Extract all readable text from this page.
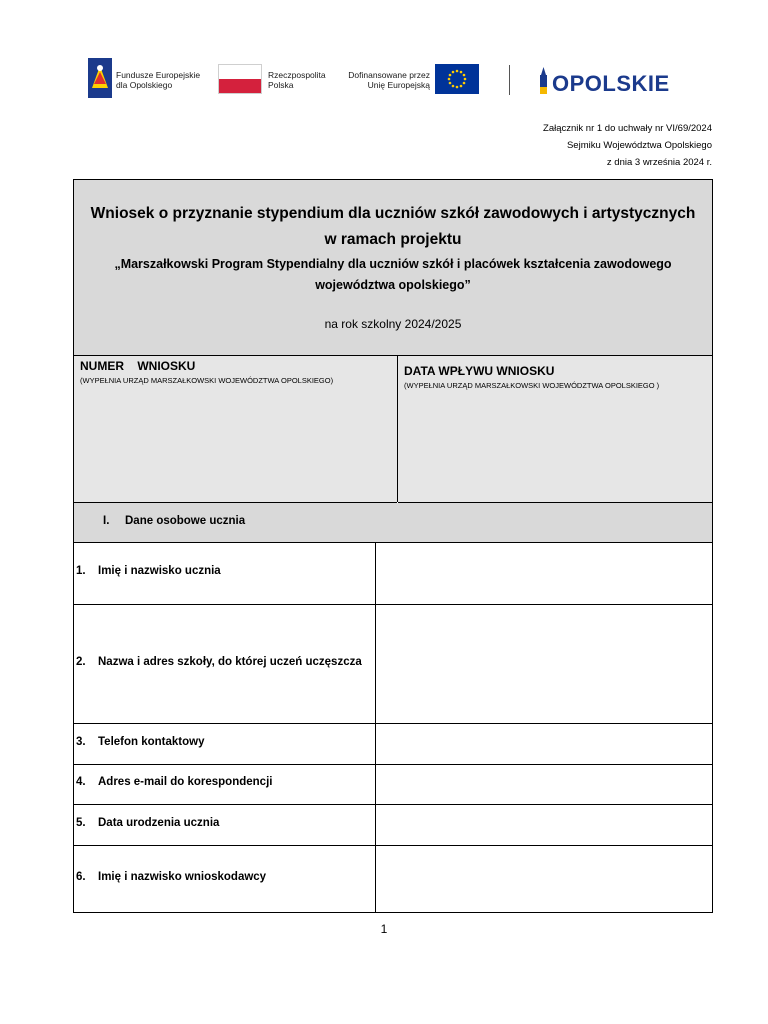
Fundusze Europejskie
dla Opolskiego
Rzeczpospolita
Polska
Dofinansowane przez
Unię Europejską	OPOLSKIE
Załącznik nr 1 do uchwały nr VI/69/2024
Sejmiku Województwa Opolskiego
z dnia 3 września 2024 r.
Wniosek o przyznanie stypendium dla uczniów szkół zawodowych i artystycznych
w ramach projektu
„Marszałkowski Program Stypendialny dla uczniów szkół i placówek kształcenia zawodowego
województwa opolskiego”
na rok szkolny 2024/2025
NUMER    WNIOSKU
(WYPEŁNIA URZĄD MARSZAŁKOWSKI WOJEWÓDZTWA OPOLSKIEGO)
DATA WPŁYWU WNIOSKU
(WYPEŁNIA URZĄD MARSZAŁKOWSKI WOJEWÓDZTWA OPOLSKIEGO )
I. Dane osobowe ucznia
1. Imię i nazwisko ucznia
2. Nazwa i adres szkoły, do której uczeń uczęszcza
3. Telefon kontaktowy
4. Adres e-mail do korespondencji
5. Data urodzenia ucznia
6. Imię i nazwisko wnioskodawcy
1
